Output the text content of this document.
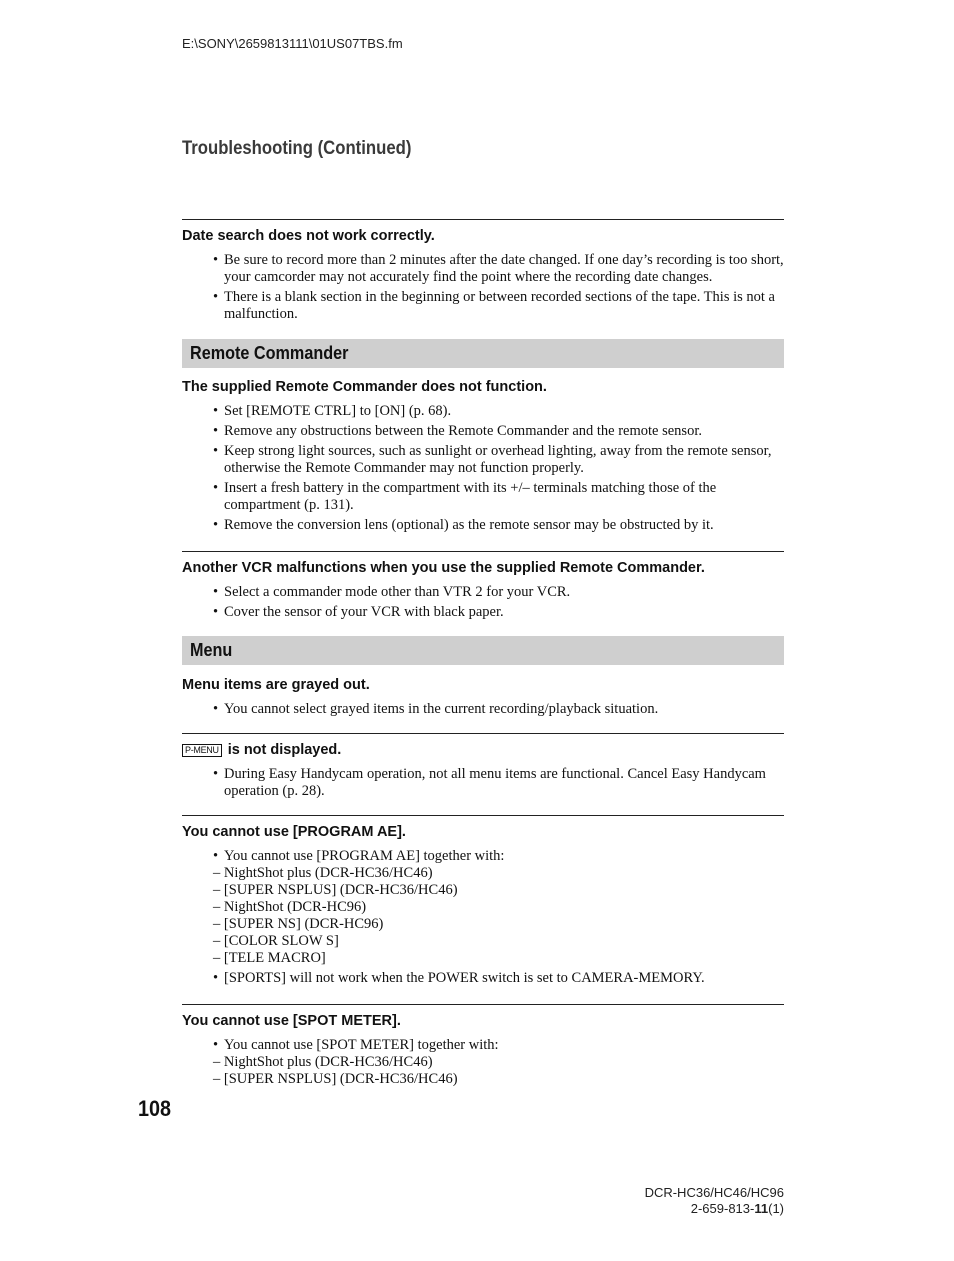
E:\SONY\2659813111\01US07TBS.fm
Troubleshooting (Continued)
Date search does not work correctly.
• Be sure to record more than 2 minutes after the date changed. If one day’s recording is too short, your camcorder may not accurately find the point where the recording date changes.
• There is a blank section in the beginning or between recorded sections of the tape. This is not a malfunction.
Remote Commander
The supplied Remote Commander does not function.
• Set [REMOTE CTRL] to [ON] (p. 68).
• Remove any obstructions between the Remote Commander and the remote sensor.
• Keep strong light sources, such as sunlight or overhead lighting, away from the remote sensor, otherwise the Remote Commander may not function properly.
• Insert a fresh battery in the compartment with its +/– terminals matching those of the compartment (p. 131).
• Remove the conversion lens (optional) as the remote sensor may be obstructed by it.
Another VCR malfunctions when you use the supplied Remote Commander.
• Select a commander mode other than VTR 2 for your VCR.
• Cover the sensor of your VCR with black paper.
Menu
Menu items are grayed out.
• You cannot select grayed items in the current recording/playback situation.
P-MENU is not displayed.
• During Easy Handycam operation, not all menu items are functional. Cancel Easy Handycam operation (p. 28).
You cannot use [PROGRAM AE].
• You cannot use [PROGRAM AE] together with:
– NightShot plus (DCR-HC36/HC46)
– [SUPER NSPLUS] (DCR-HC36/HC46)
– NightShot (DCR-HC96)
– [SUPER NS] (DCR-HC96)
– [COLOR SLOW S]
– [TELE MACRO]
• [SPORTS] will not work when the POWER switch is set to CAMERA-MEMORY.
You cannot use [SPOT METER].
• You cannot use [SPOT METER] together with:
– NightShot plus (DCR-HC36/HC46)
– [SUPER NSPLUS] (DCR-HC36/HC46)
108
DCR-HC36/HC46/HC96
2-659-813-11(1)
